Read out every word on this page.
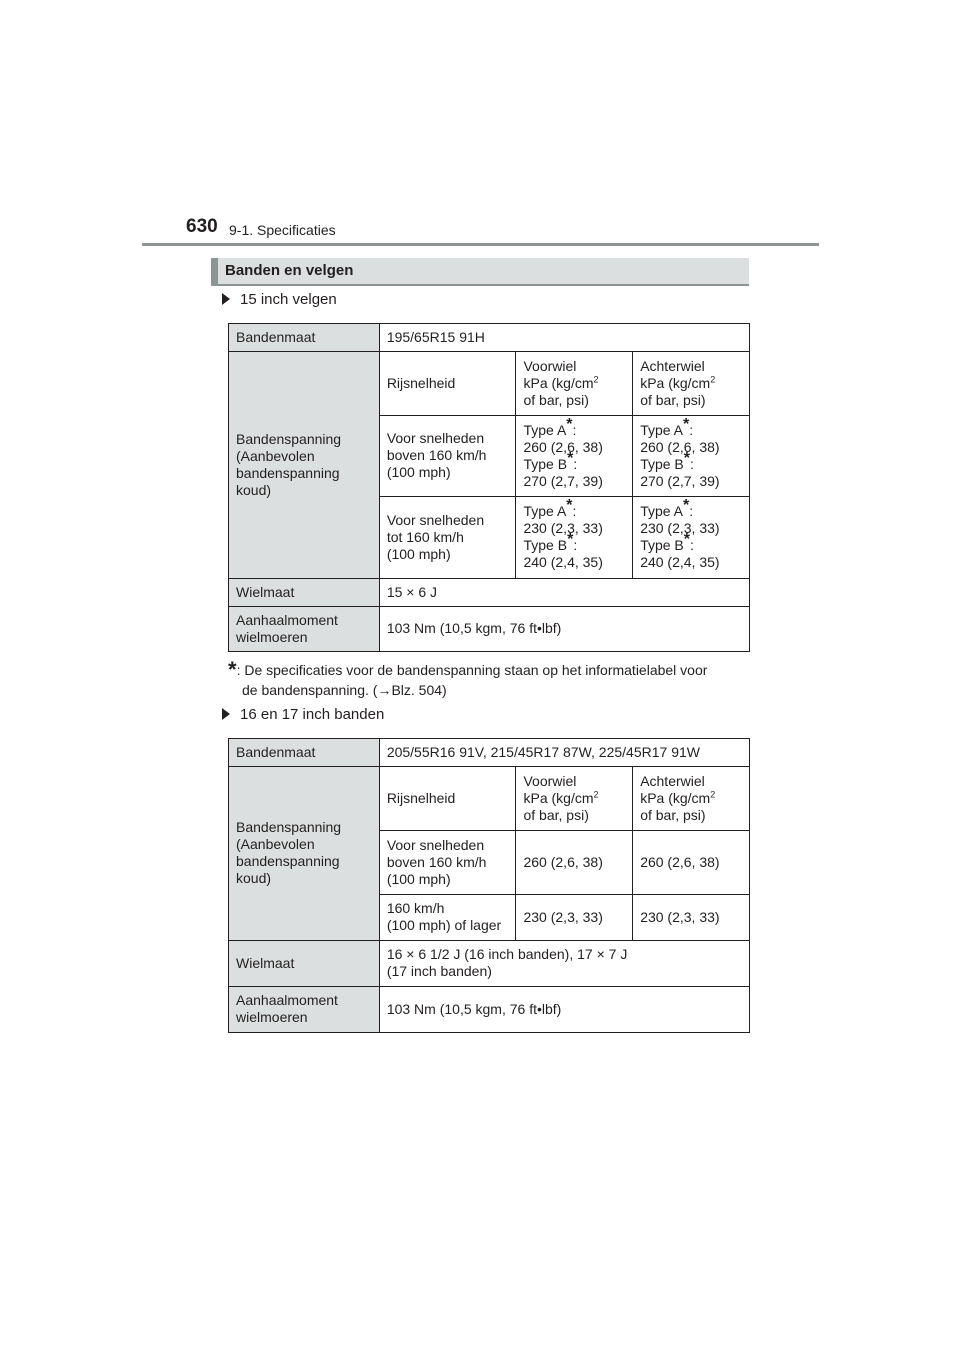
630 9-1. Specificaties
Banden en velgen
15 inch velgen
Bandenmaat	195/65R15 91H		
Bandenspanning
(Aanbevolen
bandenspanning
koud)	Rijsnelheid	Voorwiel
kPa ($kg/cm^2$
of bar, psi)	Achterwiel
kPa ($kg/cm^2$
of bar, psi)
	Voor snelheden
boven 160 km/h
(100 mph)	Type A*:
260 (2,6, 38)
Type B*:
270 (2,7, 39)	Type A*:
260 (2,6, 38)
Type B*:
270 (2,7, 39)
	Voor snelheden
tot 160 km/h
(100 mph)	Type A*:
230 (2,3, 33)
Type B*:
240 (2,4, 35)	Type A*:
230 (2,3, 33)
Type B*:
240 (2,4, 35)
Wielmaat	15 × 6 J		
Aanhaalmoment
wielmoeren	103 Nm (10,5 kgm, 76 ft•lbf)		
*: De specificaties voor de bandenspanning staan op het informatielabel voor
de bandenspanning. (→Blz. 504)
16 en 17 inch banden
Bandenmaat	205/55R16 91V, 215/45R17 87W, 225/45R17 91W		
Bandenspanning
(Aanbevolen
bandenspanning
koud)	Rijsnelheid	Voorwiel
kPa ($kg/cm^2$
of bar, psi)	Achterwiel
kPa ($kg/cm^2$
of bar, psi)
	Voor snelheden
boven 160 km/h
(100 mph)	260 (2,6, 38)	260 (2,6, 38)
	160 km/h
(100 mph) of lager	230 (2,3, 33)	230 (2,3, 33)
Wielmaat	16 × 6 1/2 J (16 inch banden), 17 × 7 J
(17 inch banden)		
Aanhaalmoment
wielmoeren	103 Nm (10,5 kgm, 76 ft•lbf)		
